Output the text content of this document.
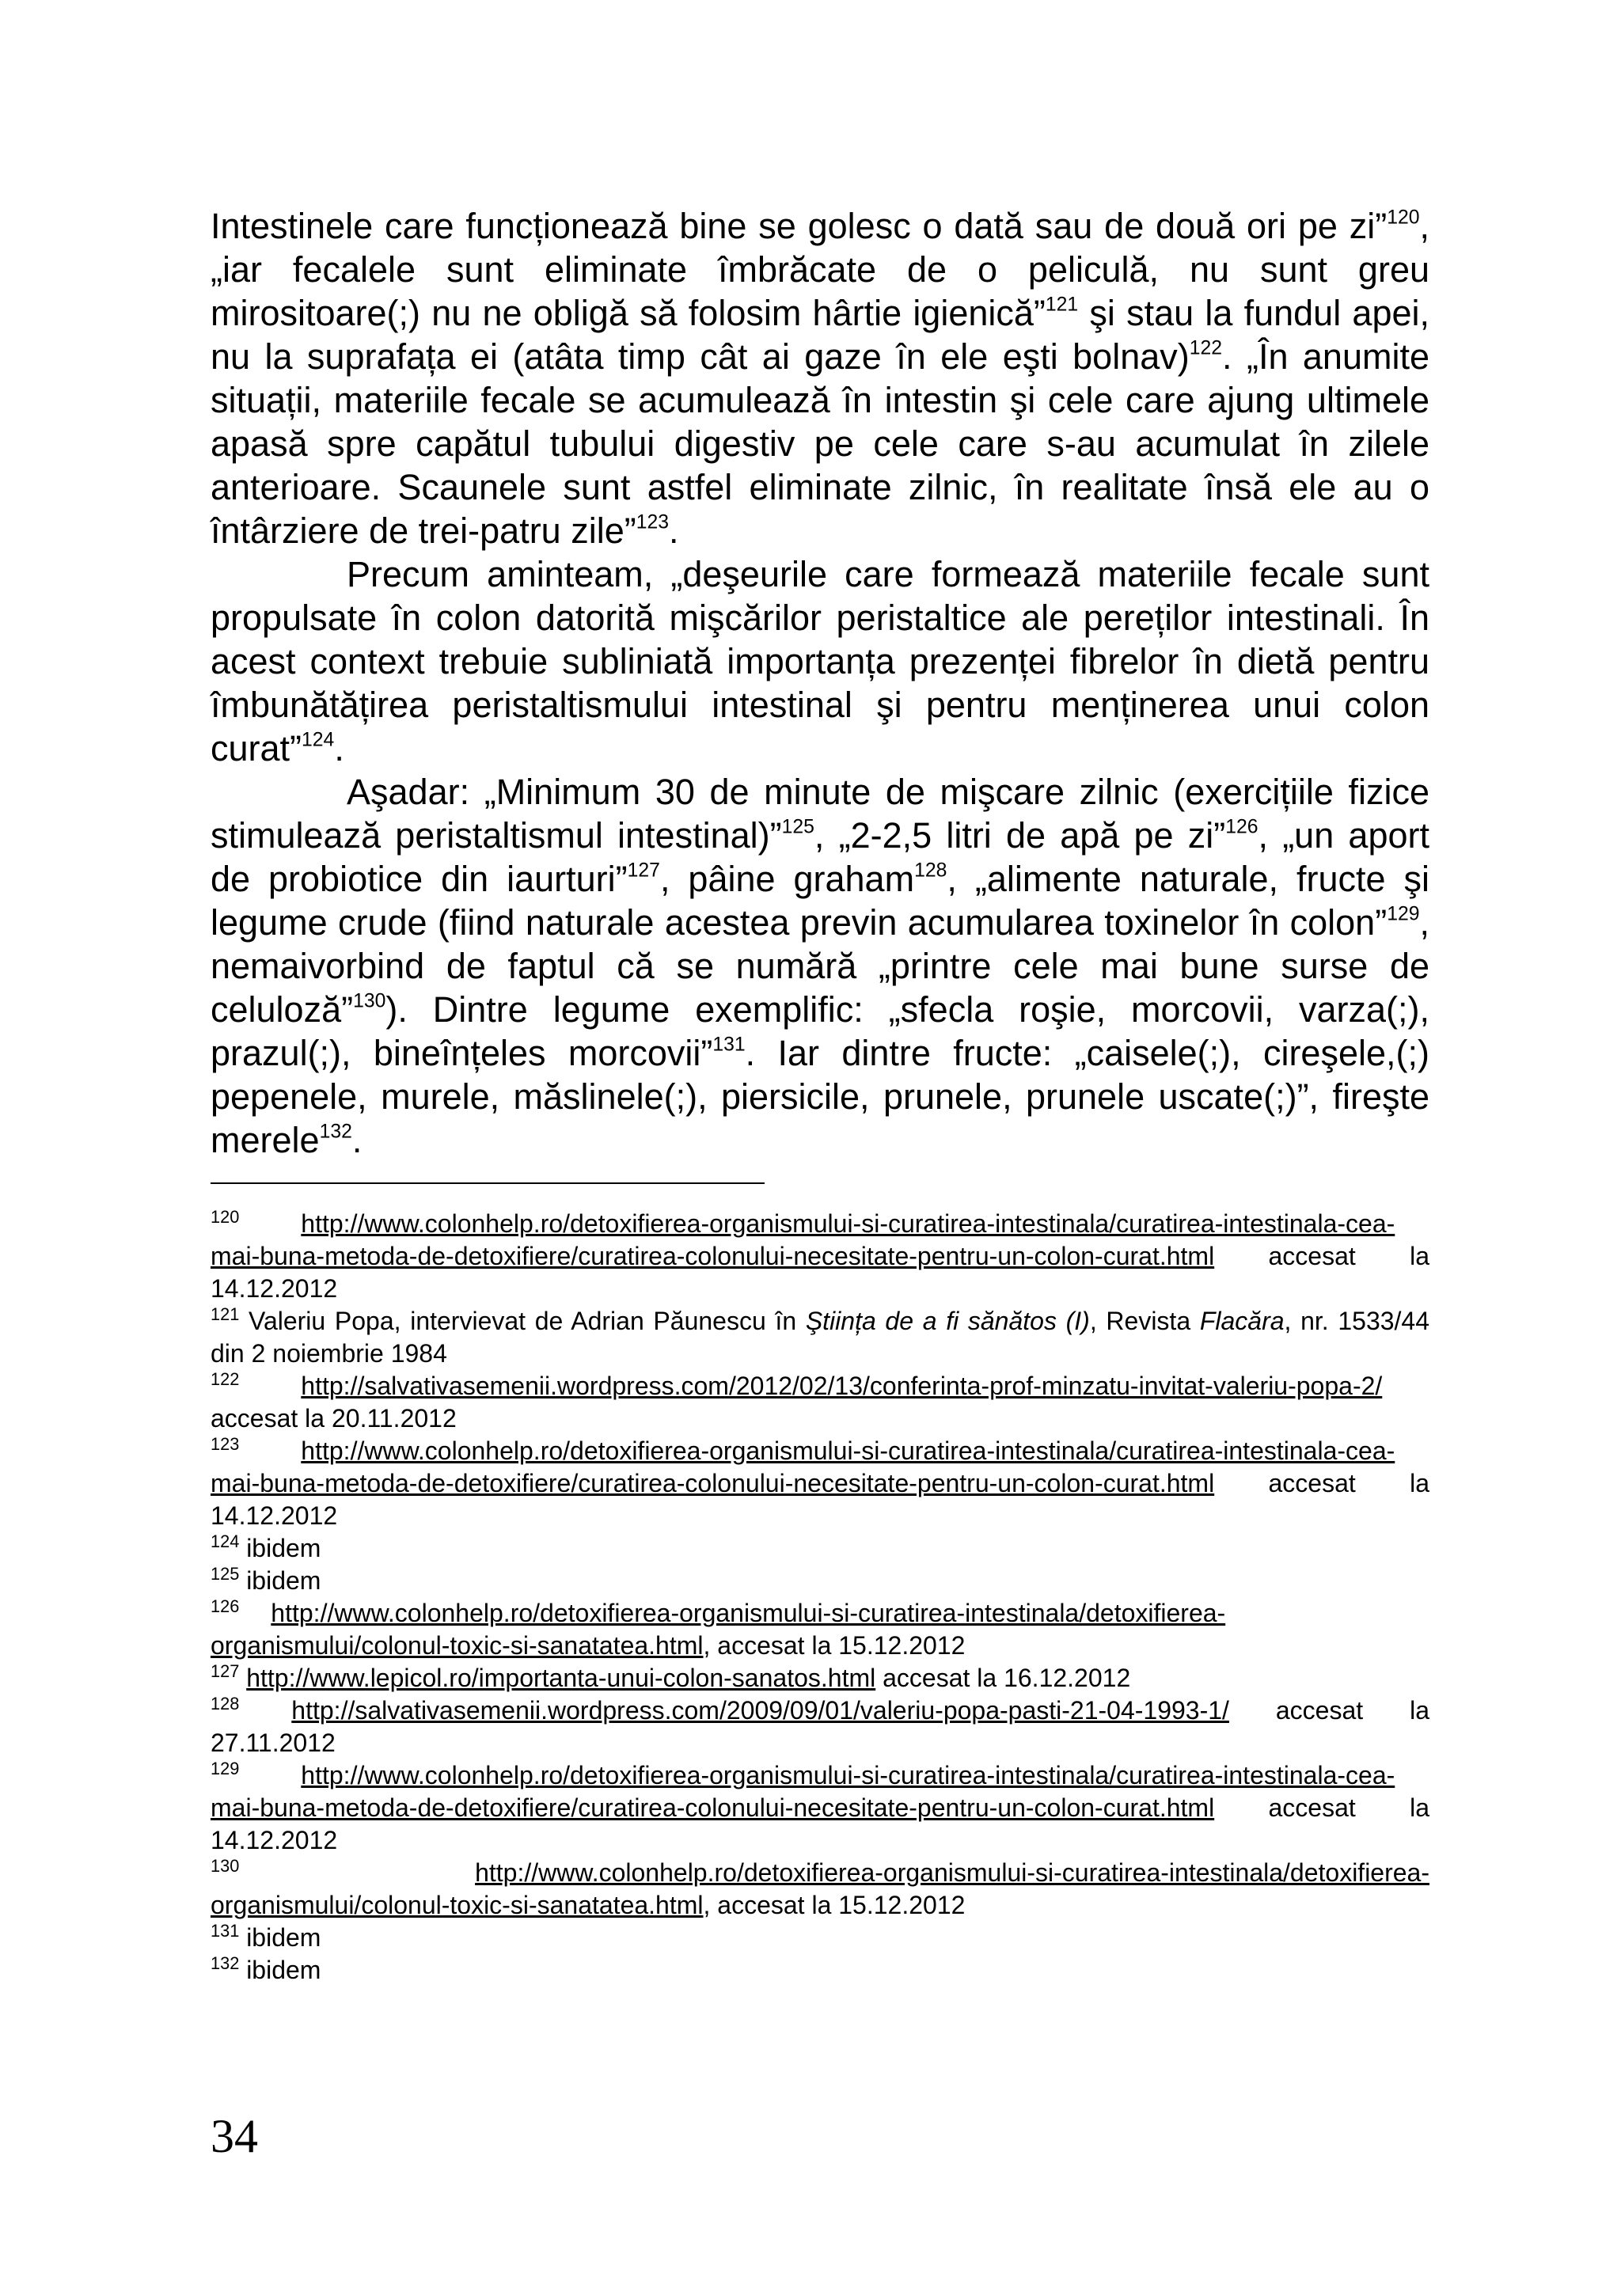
Intestinele care funcționează bine se golesc o dată sau de două ori pe zi”$^{120}$, „iar fecalele sunt eliminate îmbrăcate de o peliculă, nu sunt greu mirositoare(;) nu ne obligă să folosim hârtie igienică”$^{121}$ şi stau la fundul apei, nu la suprafața ei (atâta timp cât ai gaze în ele eşti bolnav)$^{122}$. „În anumite situații, materiile fecale se acumulează în intestin şi cele care ajung ultimele apasă spre capătul tubului digestiv pe cele care s-au acumulat în zilele anterioare. Scaunele sunt astfel eliminate zilnic, în realitate însă ele au o întârziere de trei-patru zile”$^{123}$.

Precum aminteam, „deşeurile care formează materiile fecale sunt propulsate în colon datorită mişcărilor peristaltice ale pereților intestinali. În acest context trebuie subliniată importanța prezenței fibrelor în dietă pentru îmbunătățirea peristaltismului intestinal şi pentru menținerea unui colon curat”$^{124}$.

Aşadar: „Minimum 30 de minute de mişcare zilnic (exercițiile fizice stimulează peristaltismul intestinal)”$^{125}$, „2-2,5 litri de apă pe zi”$^{126}$, „un aport de probiotice din iaurturi”$^{127}$, pâine graham$^{128}$, „alimente naturale, fructe şi legume crude (fiind naturale acestea previn acumularea toxinelor în colon”$^{129}$, nemaivorbind de faptul că se numără „printre cele mai bune surse de celuloză”$^{130}$). Dintre legume exemplific: „sfecla roşie, morcovii, varza(;), prazul(;), bineînțeles morcovii”$^{131}$. Iar dintre fructe: „caisele(;), cireşele,(;) pepenele, murele, măslinele(;), piersicile, prunele, prunele uscate(;)”, fireşte merele$^{132}$.

$^{120}$ http://www.colonhelp.ro/detoxifierea-organismului-si-curatirea-intestinala/curatirea-intestinala-cea-mai-buna-metoda-de-detoxifiere/curatirea-colonului-necesitate-pentru-un-colon-curat.html accesat la 14.12.2012

$^{121}$ Valeriu Popa, intervievat de Adrian Păunescu în Ştiința de a fi sănătos (I), Revista Flacăra, nr. 1533/44 din 2 noiembrie 1984

$^{122}$ http://salvativasemenii.wordpress.com/2012/02/13/conferinta-prof-minzatu-invitat-valeriu-popa-2/ accesat la 20.11.2012

$^{123}$ http://www.colonhelp.ro/detoxifierea-organismului-si-curatirea-intestinala/curatirea-intestinala-cea-mai-buna-metoda-de-detoxifiere/curatirea-colonului-necesitate-pentru-un-colon-curat.html accesat la 14.12.2012

$^{124}$ ibidem

$^{125}$ ibidem

$^{126}$ http://www.colonhelp.ro/detoxifierea-organismului-si-curatirea-intestinala/detoxifierea-organismului/colonul-toxic-si-sanatatea.html, accesat la 15.12.2012

$^{127}$ http://www.lepicol.ro/importanta-unui-colon-sanatos.html accesat la 16.12.2012

$^{128}$ http://salvativasemenii.wordpress.com/2009/09/01/valeriu-popa-pasti-21-04-1993-1/ accesat la 27.11.2012

$^{129}$ http://www.colonhelp.ro/detoxifierea-organismului-si-curatirea-intestinala/curatirea-intestinala-cea-mai-buna-metoda-de-detoxifiere/curatirea-colonului-necesitate-pentru-un-colon-curat.html accesat la 14.12.2012

$^{130}$	http://www.colonhelp.ro/detoxifierea-organismului-si-curatirea-intestinala/detoxifierea-organismului/colonul-toxic-si-sanatatea.html, accesat la 15.12.2012

$^{131}$ ibidem

$^{132}$ ibidem

34
